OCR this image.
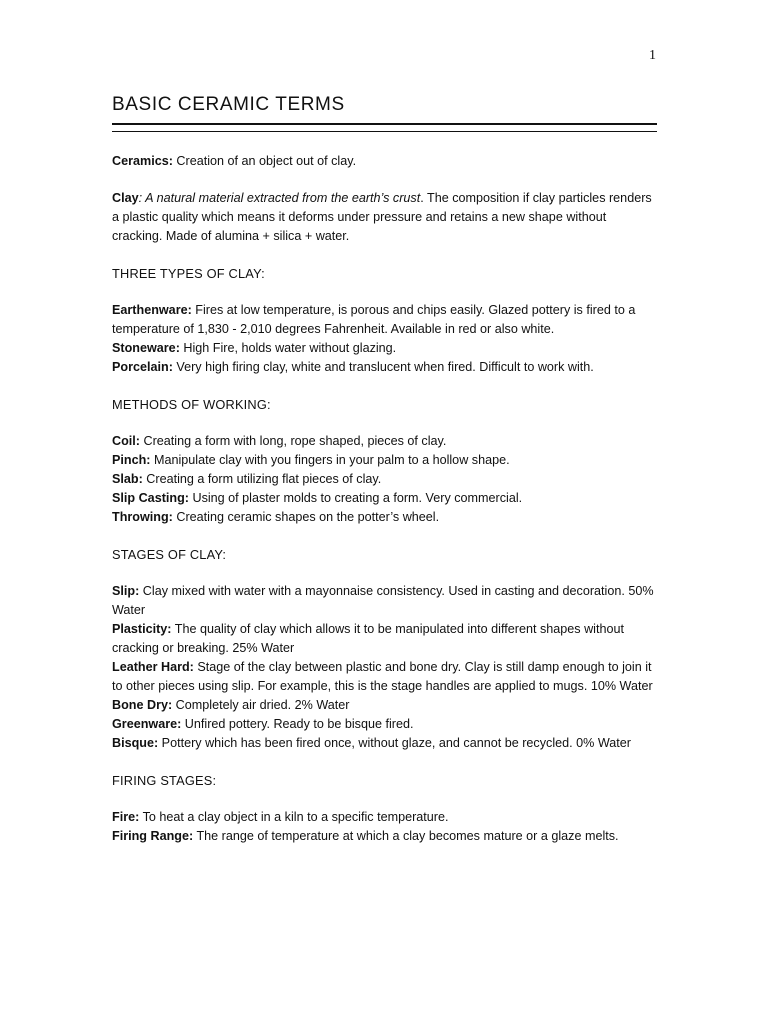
1
BASIC CERAMIC TERMS

Ceramics: Creation of an object out of clay.

Clay: A natural material extracted from the earth’s crust. The composition if clay particles renders a plastic quality which means it deforms under pressure and retains a new shape without cracking. Made of alumina + silica + water.

THREE TYPES OF CLAY:

Earthenware: Fires at low temperature, is porous and chips easily. Glazed pottery is fired to a temperature of 1,830 - 2,010 degrees Fahrenheit. Available in red or also white.

Stoneware: High Fire, holds water without glazing.

Porcelain: Very high firing clay, white and translucent when fired. Difficult to work with.

METHODS OF WORKING:

Coil: Creating a form with long, rope shaped, pieces of clay.

Pinch: Manipulate clay with you fingers in your palm to a hollow shape.

Slab: Creating a form utilizing flat pieces of clay.

Slip Casting: Using of plaster molds to creating a form. Very commercial.

Throwing: Creating ceramic shapes on the potter’s wheel.

STAGES OF CLAY:

Slip: Clay mixed with water with a mayonnaise consistency. Used in casting and decoration. 50% Water

Plasticity: The quality of clay which allows it to be manipulated into different shapes without cracking or breaking. 25% Water

Leather Hard: Stage of the clay between plastic and bone dry. Clay is still damp enough to join it to other pieces using slip. For example, this is the stage handles are applied to mugs. 10% Water

Bone Dry: Completely air dried. 2% Water

Greenware: Unfired pottery. Ready to be bisque fired.

Bisque: Pottery which has been fired once, without glaze, and cannot be recycled. 0% Water

FIRING STAGES:

Fire: To heat a clay object in a kiln to a specific temperature.

Firing Range: The range of temperature at which a clay becomes mature or a glaze melts.
